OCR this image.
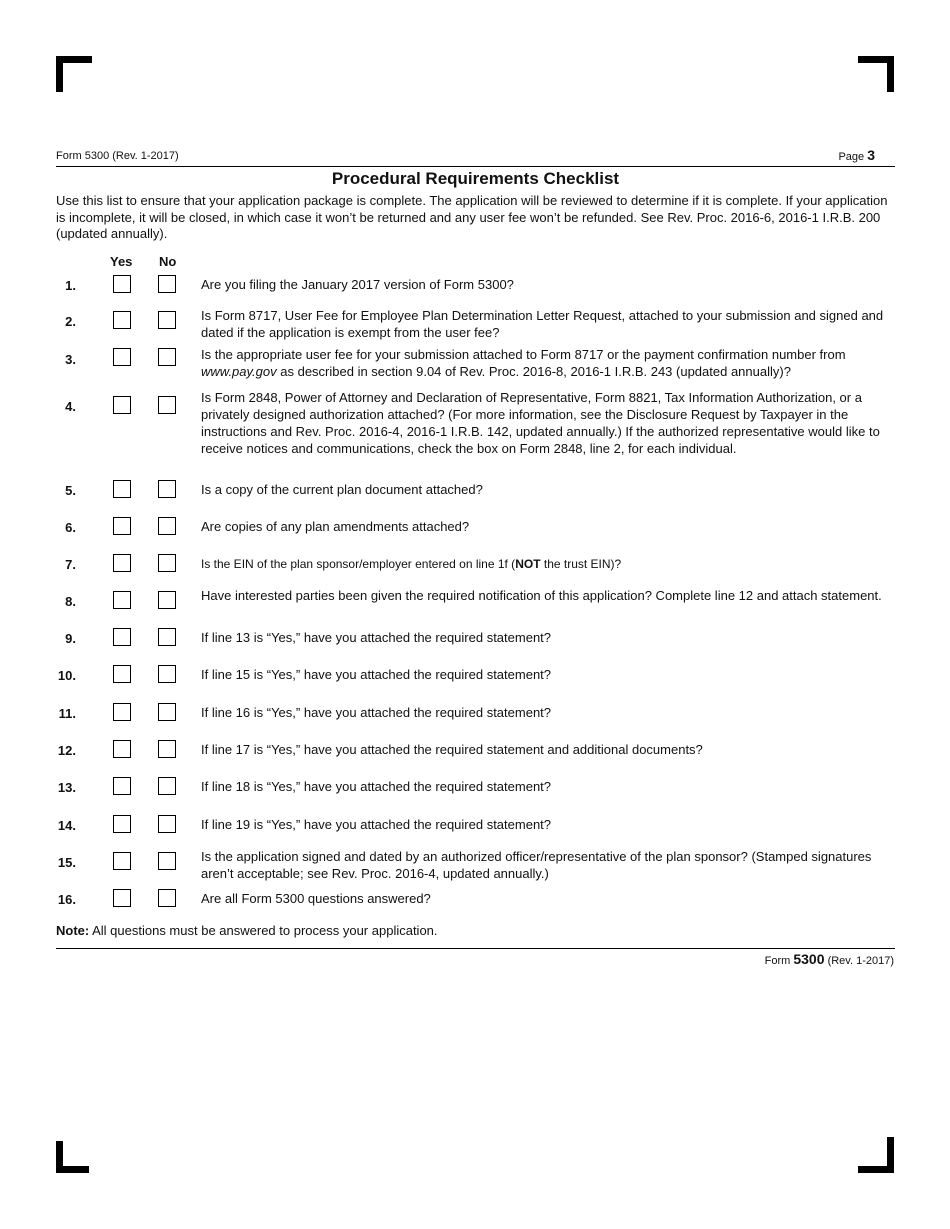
Form 5300 (Rev. 1-2017)	Page 3
Procedural Requirements Checklist
Use this list to ensure that your application package is complete. The application will be reviewed to determine if it is complete. If your application is incomplete, it will be closed, in which case it won’t be returned and any user fee won’t be refunded. See Rev. Proc. 2016-6, 2016-1 I.R.B. 200 (updated annually).
Yes No
1.	Are you filing the January 2017 version of Form 5300?
2.	Is Form 8717, User Fee for Employee Plan Determination Letter Request, attached to your submission and signed and dated if the application is exempt from the user fee?
3.	Is the appropriate user fee for your submission attached to Form 8717 or the payment confirmation number from www.pay.gov as described in section 9.04 of Rev. Proc. 2016-8, 2016-1 I.R.B. 243 (updated annually)?
4.
Is Form 2848, Power of Attorney and Declaration of Representative, Form 8821, Tax Information Authorization, or a privately designed authorization attached? (For more information, see the Disclosure Request by Taxpayer in the instructions and Rev. Proc. 2016-4, 2016-1 I.R.B. 142, updated annually.) If the authorized representative would like to receive notices and communications, check the box on Form 2848, line 2, for each individual.
5.	Is a copy of the current plan document attached?
6.	Are copies of any plan amendments attached?
7.	Is the EIN of the plan sponsor/employer entered on line 1f (NOT the trust EIN)?
8.	Have interested parties been given the required notification of this application? Complete line 12 and attach statement.
9.	If line 13 is “Yes,” have you attached the required statement?
10.	If line 15 is “Yes,” have you attached the required statement?
11.	If line 16 is “Yes,” have you attached the required statement?
12.	If line 17 is “Yes,” have you attached the required statement and additional documents?
13.	If line 18 is “Yes,” have you attached the required statement?
14.	If line 19 is “Yes,” have you attached the required statement?
15.	Is the application signed and dated by an authorized officer/representative of the plan sponsor? (Stamped signatures aren’t acceptable; see Rev. Proc. 2016-4, updated annually.)
16.	Are all Form 5300 questions answered?
Note: All questions must be answered to process your application.
Form 5300 (Rev. 1-2017)
